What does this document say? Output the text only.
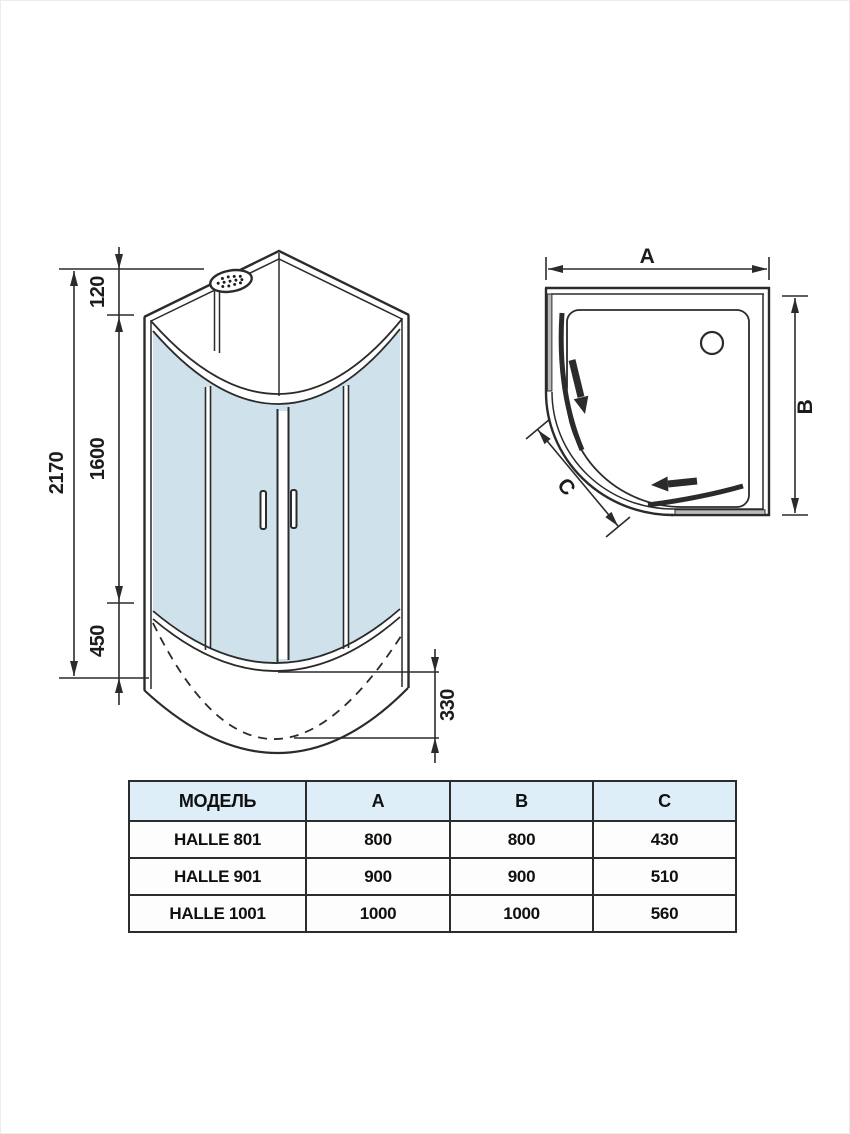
2170
120
1600
450
330
A
B
C
МОДЕЛЬ	A	B	C
HALLE 801	800	800	430
HALLE 901	900	900	510
HALLE 1001	1000	1000	560
